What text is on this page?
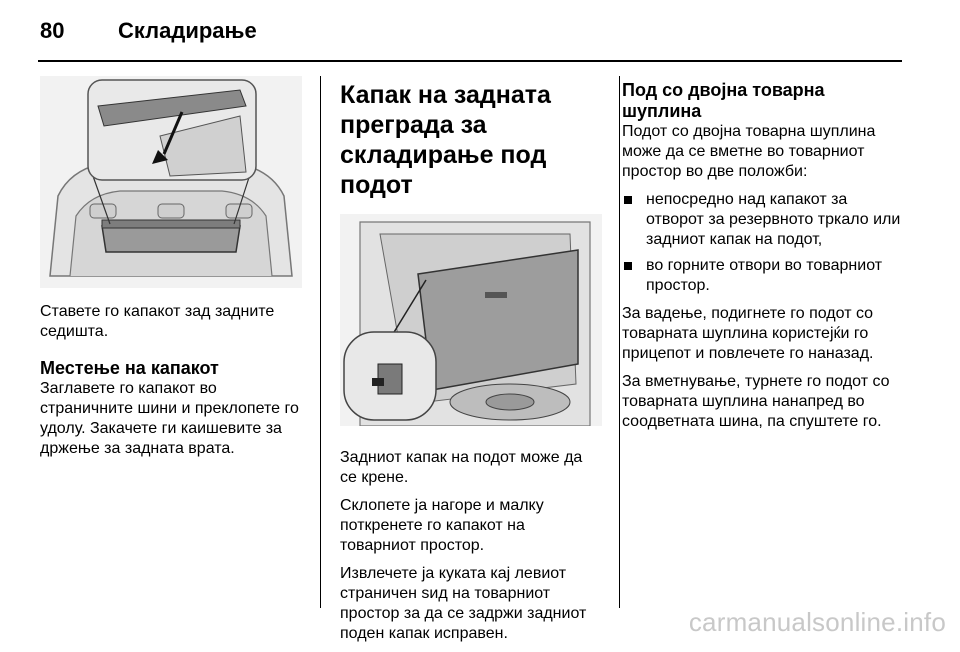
80 Складирање

Ставете го капакот зад задните седишта.

Местење на капакот

Заглавете го капакот во страничните шини и преклопете го удолу. Закачете ги каишевите за држење за задната врата.

Капак на задната преграда за складирање под подот

Задниот капак на подот може да се крене.

Склопете ја нагоре и малку поткренете го капакот на товарниот простор.

Извлечете ја куката кај левиот страничен ѕид на товарниот простор за да се задржи задниот поден капак исправен.

Под со двојна товарна шуплина

Подот со двојна товарна шуплина може да се вметне во товарниот простор во две положби:

непосредно над капакот за отворот за резервното тркало или задниот капак на подот,
во горните отвори во товарниот простор.

За вадење, подигнете го подот со товарната шуплина користејќи го прицепот и повлечете го наназад.

За вметнување, турнете го подот со товарната шуплина нанапред во соодветната шина, па спуштете го.

carmanualsonline.info
